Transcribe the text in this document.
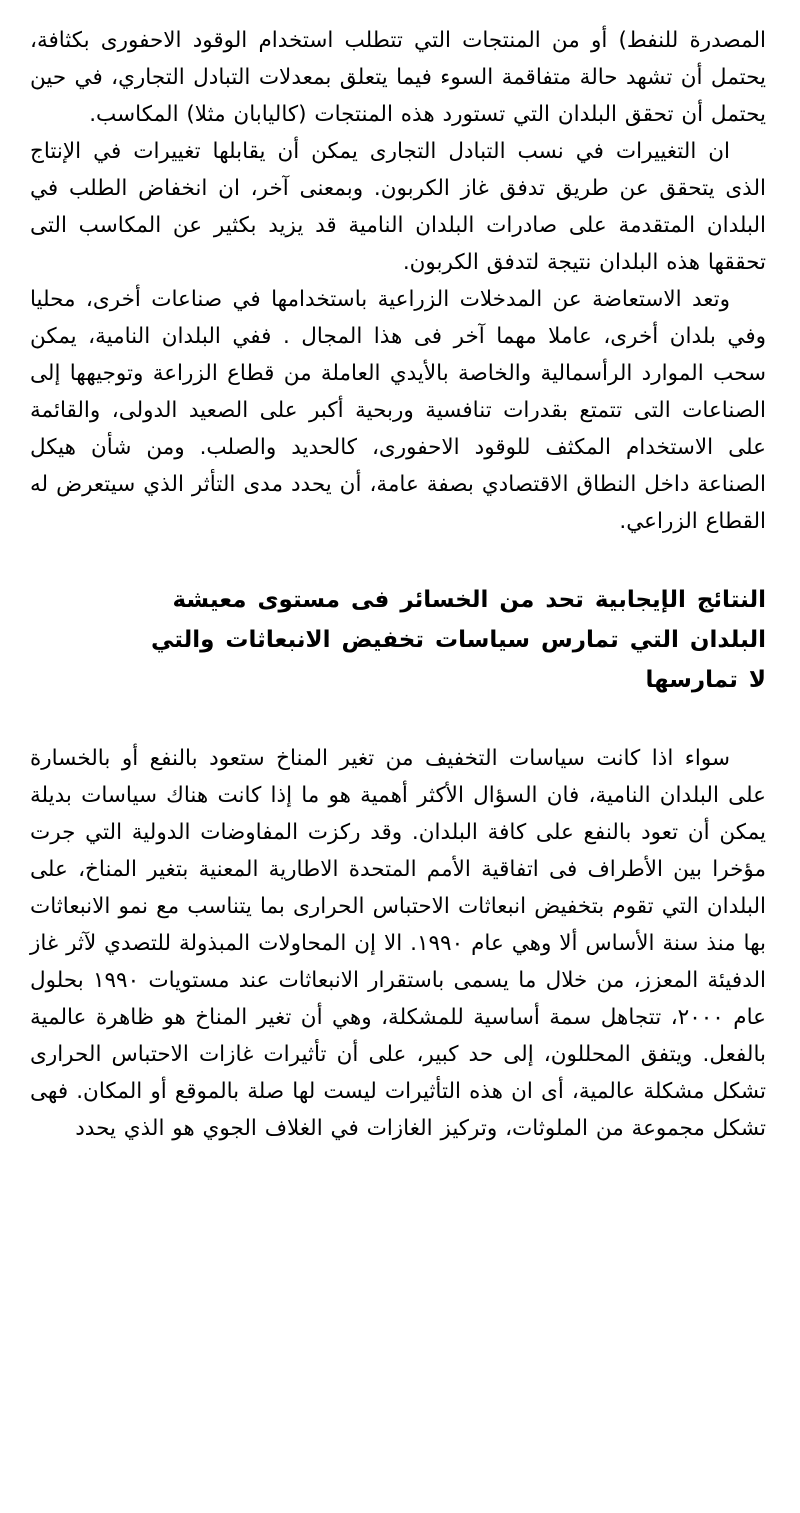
المصدرة للنفط) أو من المنتجات التي تتطلب استخدام الوقود الاحفورى بكثافة، يحتمل أن تشهد حالة متفاقمة السوء فيما يتعلق بمعدلات التبادل التجاري، في حين يحتمل أن تحقق البلدان التي تستورد هذه المنتجات (كاليابان مثلا) المكاسب.

ان التغييرات في نسب التبادل التجارى يمكن أن يقابلها تغييرات في الإنتاج الذى يتحقق عن طريق تدفق غاز الكربون. وبمعنى آخر، ان انخفاض الطلب في البلدان المتقدمة على صادرات البلدان النامية قد يزيد بكثير عن المكاسب التى تحققها هذه البلدان نتيجة لتدفق الكربون.

وتعد الاستعاضة عن المدخلات الزراعية باستخدامها في صناعات أخرى، محليا وفي بلدان أخرى، عاملا مهما آخر فى هذا المجال . ففي البلدان النامية، يمكن سحب الموارد الرأسمالية والخاصة بالأيدي العاملة من قطاع الزراعة وتوجيهها إلى الصناعات التى تتمتع بقدرات تنافسية وربحية أكبر على الصعيد الدولى، والقائمة على الاستخدام المكثف للوقود الاحفورى، كالحديد والصلب. ومن شأن هيكل الصناعة داخل النطاق الاقتصادي بصفة عامة، أن يحدد مدى التأثر الذي سيتعرض له القطاع الزراعي.

النتائج الإيجابية تحد من الخسائر فى مستوى معيشة
البلدان التي تمارس سياسات تخفيض الانبعاثات والتي
لا تمارسها

سواء اذا كانت سياسات التخفيف من تغير المناخ ستعود بالنفع أو بالخسارة على البلدان النامية، فان السؤال الأكثر أهمية هو ما إذا كانت هناك سياسات بديلة يمكن أن تعود بالنفع على كافة البلدان. وقد ركزت المفاوضات الدولية التي جرت مؤخرا بين الأطراف فى اتفاقية الأمم المتحدة الاطارية المعنية بتغير المناخ، على البلدان التي تقوم بتخفيض انبعاثات الاحتباس الحرارى بما يتناسب مع نمو الانبعاثات بها منذ سنة الأساس ألا وهي عام ١٩٩٠. الا إن المحاولات المبذولة للتصدي لآثر غاز الدفيئة المعزز، من خلال ما يسمى باستقرار الانبعاثات عند مستويات ١٩٩٠ بحلول عام ٢٠٠٠، تتجاهل سمة أساسية للمشكلة، وهي أن تغير المناخ هو ظاهرة عالمية بالفعل. ويتفق المحللون، إلى حد كبير، على أن تأثيرات غازات الاحتباس الحرارى تشكل مشكلة عالمية، أى ان هذه التأثيرات ليست لها صلة بالموقع أو المكان. فهى تشكل مجموعة من الملوثات، وتركيز الغازات في الغلاف الجوي هو الذي يحدد
